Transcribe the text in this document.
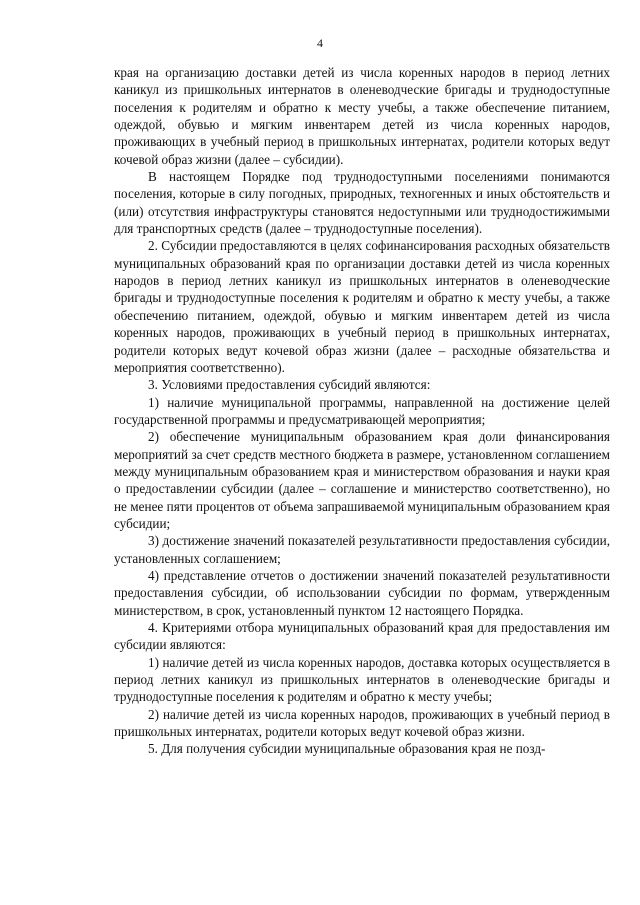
4

края на организацию доставки детей из числа коренных народов в период летних каникул из пришкольных интернатов в оленеводческие бригады и труднодоступные поселения к родителям и обратно к месту учебы, а также обеспечение питанием, одеждой, обувью и мягким инвентарем детей из числа коренных народов, проживающих в учебный период в пришкольных интернатах, родители которых ведут кочевой образ жизни (далее – субсидии).

В настоящем Порядке под труднодоступными поселениями понимаются поселения, которые в силу погодных, природных, техногенных и иных обстоятельств и (или) отсутствия инфраструктуры становятся недоступными или труднодостижимыми для транспортных средств (далее – труднодоступные поселения).

2. Субсидии предоставляются в целях софинансирования расходных обязательств муниципальных образований края по организации доставки детей из числа коренных народов в период летних каникул из пришкольных интернатов в оленеводческие бригады и труднодоступные поселения к родителям и обратно к месту учебы, а также обеспечению питанием, одеждой, обувью и мягким инвентарем детей из числа коренных народов, проживающих в учебный период в пришкольных интернатах, родители которых ведут кочевой образ жизни (далее – расходные обязательства и мероприятия соответственно).

3. Условиями предоставления субсидий являются:

1) наличие муниципальной программы, направленной на достижение целей государственной программы и предусматривающей мероприятия;

2) обеспечение муниципальным образованием края доли финансирования мероприятий за счет средств местного бюджета в размере, установленном соглашением между муниципальным образованием края и министерством образования и науки края о предоставлении субсидии (далее – соглашение и министерство соответственно), но не менее пяти процентов от объема запрашиваемой муниципальным образованием края субсидии;

3) достижение значений показателей результативности предоставления субсидии, установленных соглашением;

4) представление отчетов о достижении значений показателей результативности предоставления субсидии, об использовании субсидии по формам, утвержденным министерством, в срок, установленный пунктом 12 настоящего Порядка.

4. Критериями отбора муниципальных образований края для предоставления им субсидии являются:

1) наличие детей из числа коренных народов, доставка которых осуществляется в период летних каникул из пришкольных интернатов в оленеводческие бригады и труднодоступные поселения к родителям и обратно к месту учебы;

2) наличие детей из числа коренных народов, проживающих в учебный период в пришкольных интернатах, родители которых ведут кочевой образ жизни.

5. Для получения субсидии муниципальные образования края не позд-
